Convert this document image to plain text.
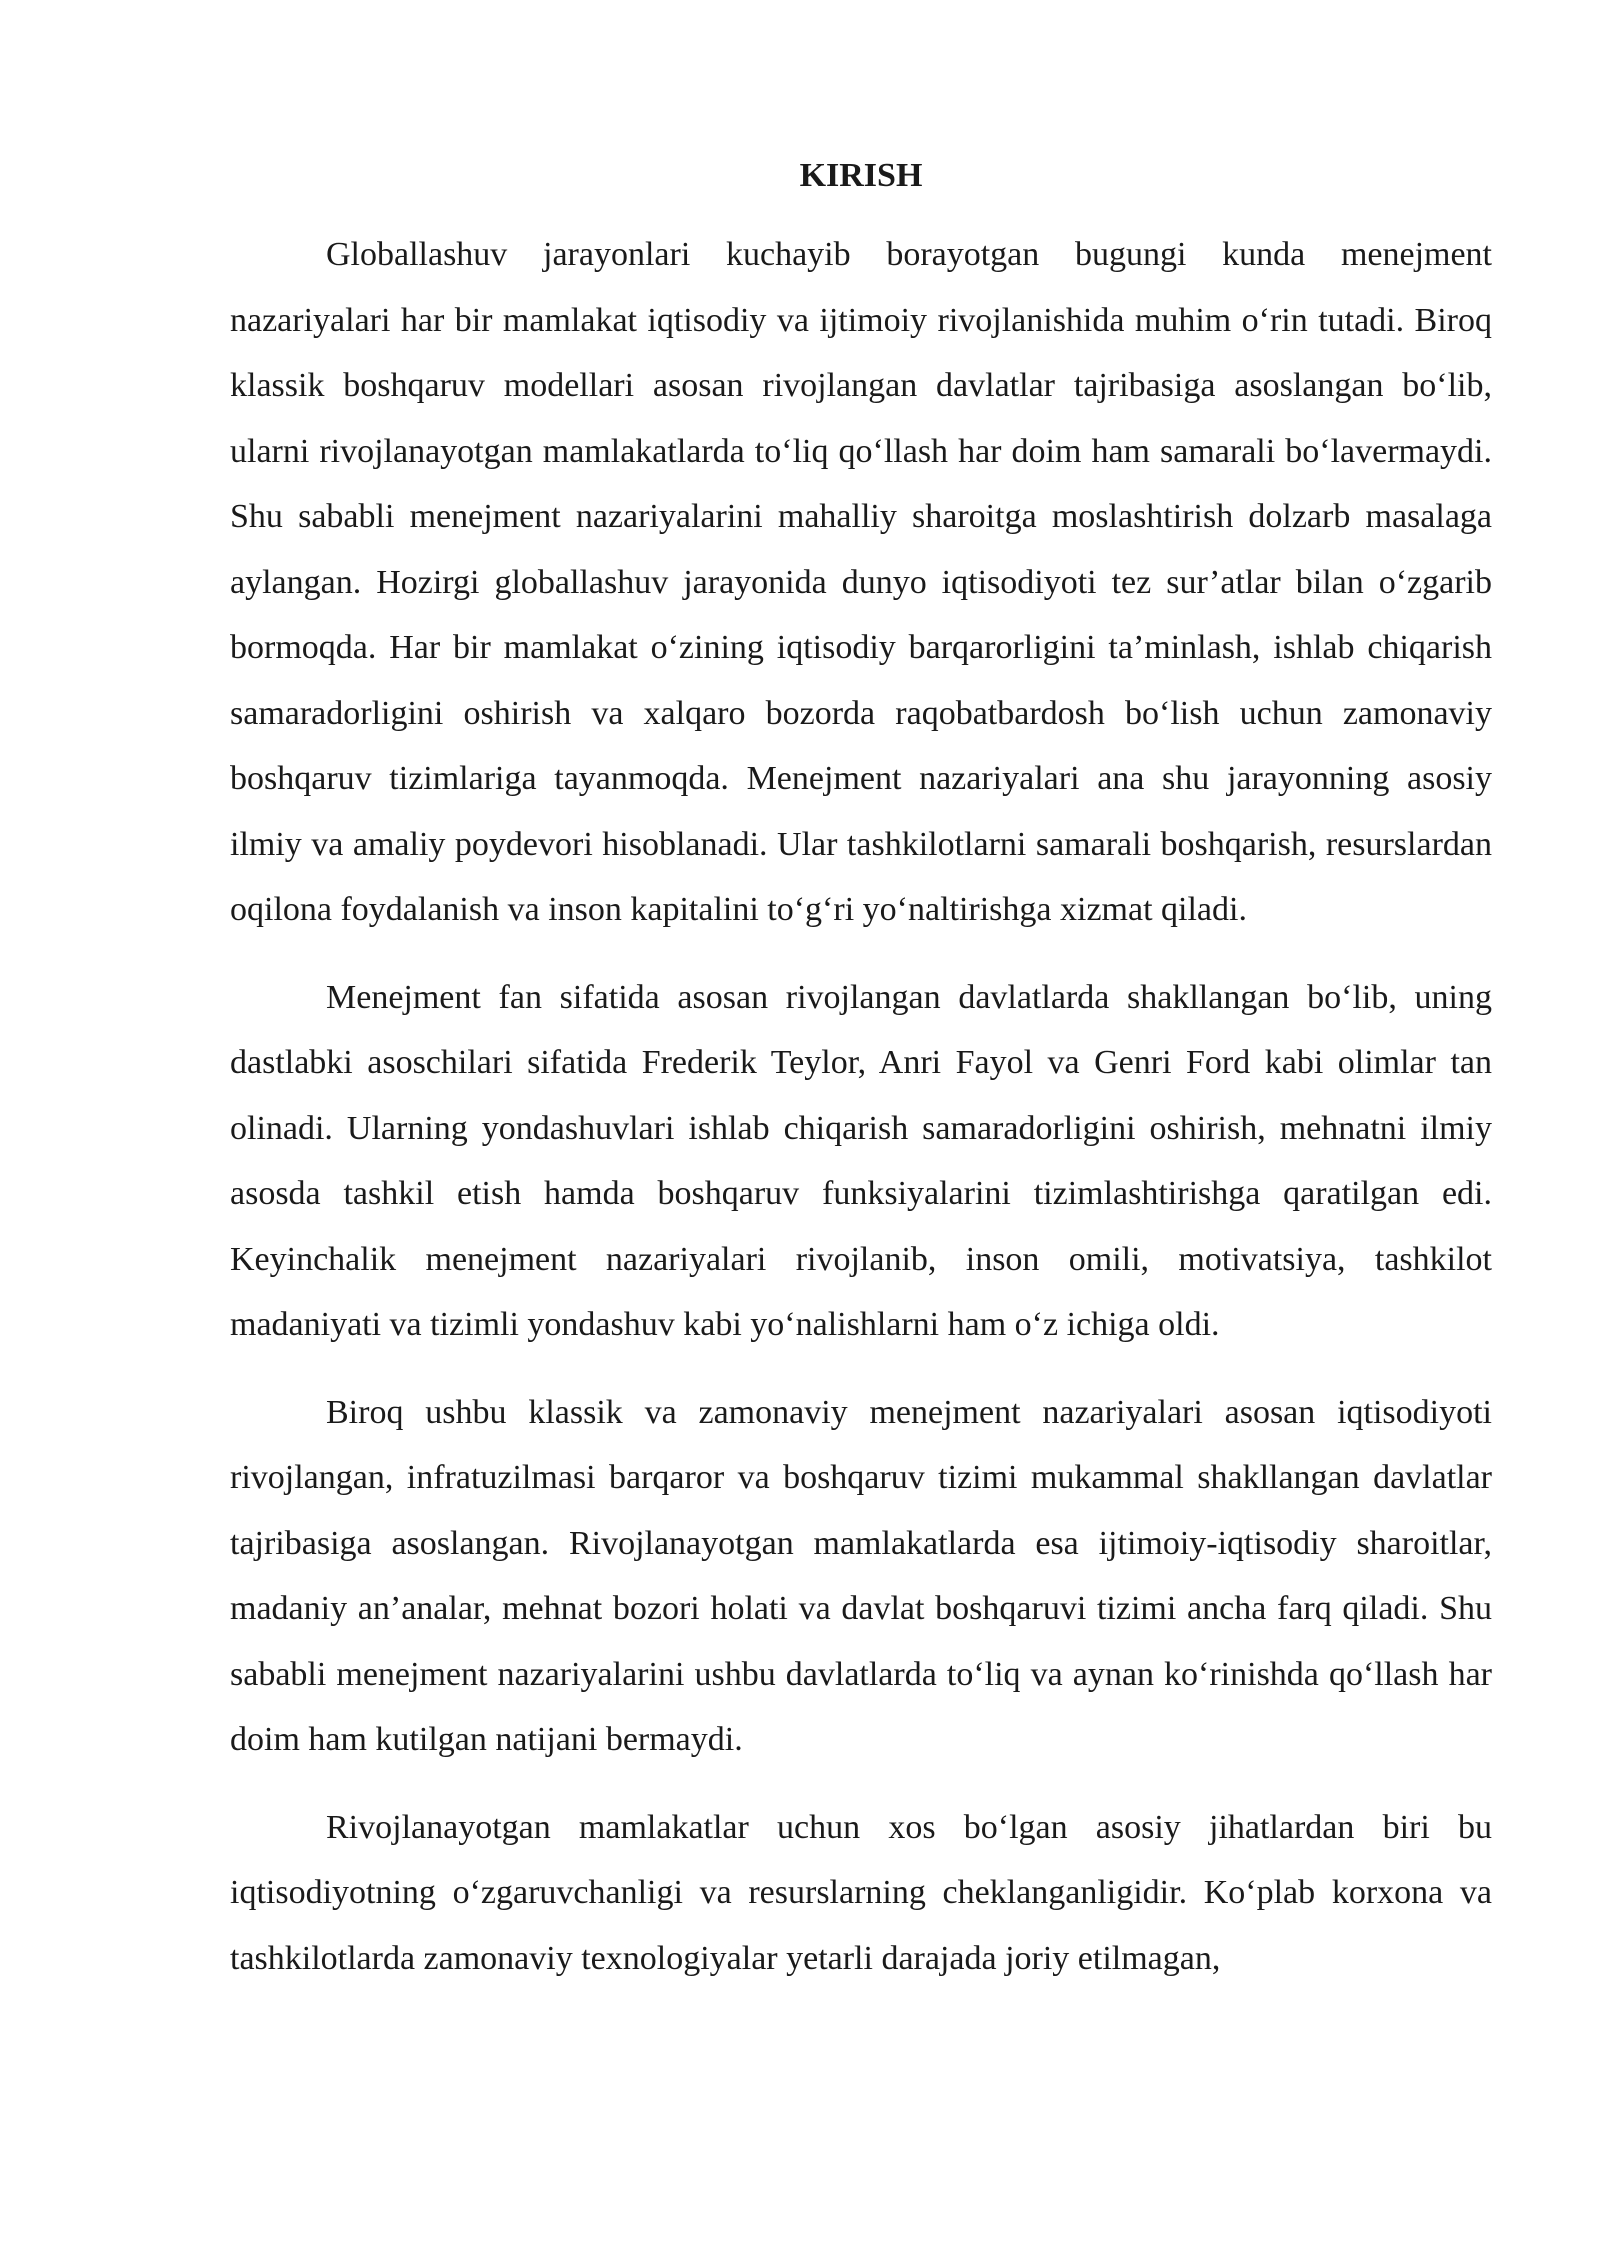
KIRISH

Globallashuv jarayonlari kuchayib borayotgan bugungi kunda menejment nazariyalari har bir mamlakat iqtisodiy va ijtimoiy rivojlanishida muhim o‘rin tutadi. Biroq klassik boshqaruv modellari asosan rivojlangan davlatlar tajribasiga asoslangan bo‘lib, ularni rivojlanayotgan mamlakatlarda to‘liq qo‘llash har doim ham samarali bo‘lavermaydi. Shu sababli menejment nazariyalarini mahalliy sharoitga moslashtirish dolzarb masalaga aylangan. Hozirgi globallashuv jarayonida dunyo iqtisodiyoti tez sur’atlar bilan o‘zgarib bormoqda. Har bir mamlakat o‘zining iqtisodiy barqarorligini ta’minlash, ishlab chiqarish samaradorligini oshirish va xalqaro bozorda raqobatbardosh bo‘lish uchun zamonaviy boshqaruv tizimlariga tayanmoqda. Menejment nazariyalari ana shu jarayonning asosiy ilmiy va amaliy poydevori hisoblanadi. Ular tashkilotlarni samarali boshqarish, resurslardan oqilona foydalanish va inson kapitalini to‘g‘ri yo‘naltirishga xizmat qiladi.

Menejment fan sifatida asosan rivojlangan davlatlarda shakllangan bo‘lib, uning dastlabki asoschilari sifatida Frederik Teylor, Anri Fayol va Genri Ford kabi olimlar tan olinadi. Ularning yondashuvlari ishlab chiqarish samaradorligini oshirish, mehnatni ilmiy asosda tashkil etish hamda boshqaruv funksiyalarini tizimlashtirishga qaratilgan edi. Keyinchalik menejment nazariyalari rivojlanib, inson omili, motivatsiya, tashkilot madaniyati va tizimli yondashuv kabi yo‘nalishlarni ham o‘z ichiga oldi.

Biroq ushbu klassik va zamonaviy menejment nazariyalari asosan iqtisodiyoti rivojlangan, infratuzilmasi barqaror va boshqaruv tizimi mukammal shakllangan davlatlar tajribasiga asoslangan. Rivojlanayotgan mamlakatlarda esa ijtimoiy-iqtisodiy sharoitlar, madaniy an’analar, mehnat bozori holati va davlat boshqaruvi tizimi ancha farq qiladi. Shu sababli menejment nazariyalarini ushbu davlatlarda to‘liq va aynan ko‘rinishda qo‘llash har doim ham kutilgan natijani bermaydi.

Rivojlanayotgan mamlakatlar uchun xos bo‘lgan asosiy jihatlardan biri bu iqtisodiyotning o‘zgaruvchanligi va resurslarning cheklanganligidir. Ko‘plab korxona va tashkilotlarda zamonaviy texnologiyalar yetarli darajada joriy etilmagan,
